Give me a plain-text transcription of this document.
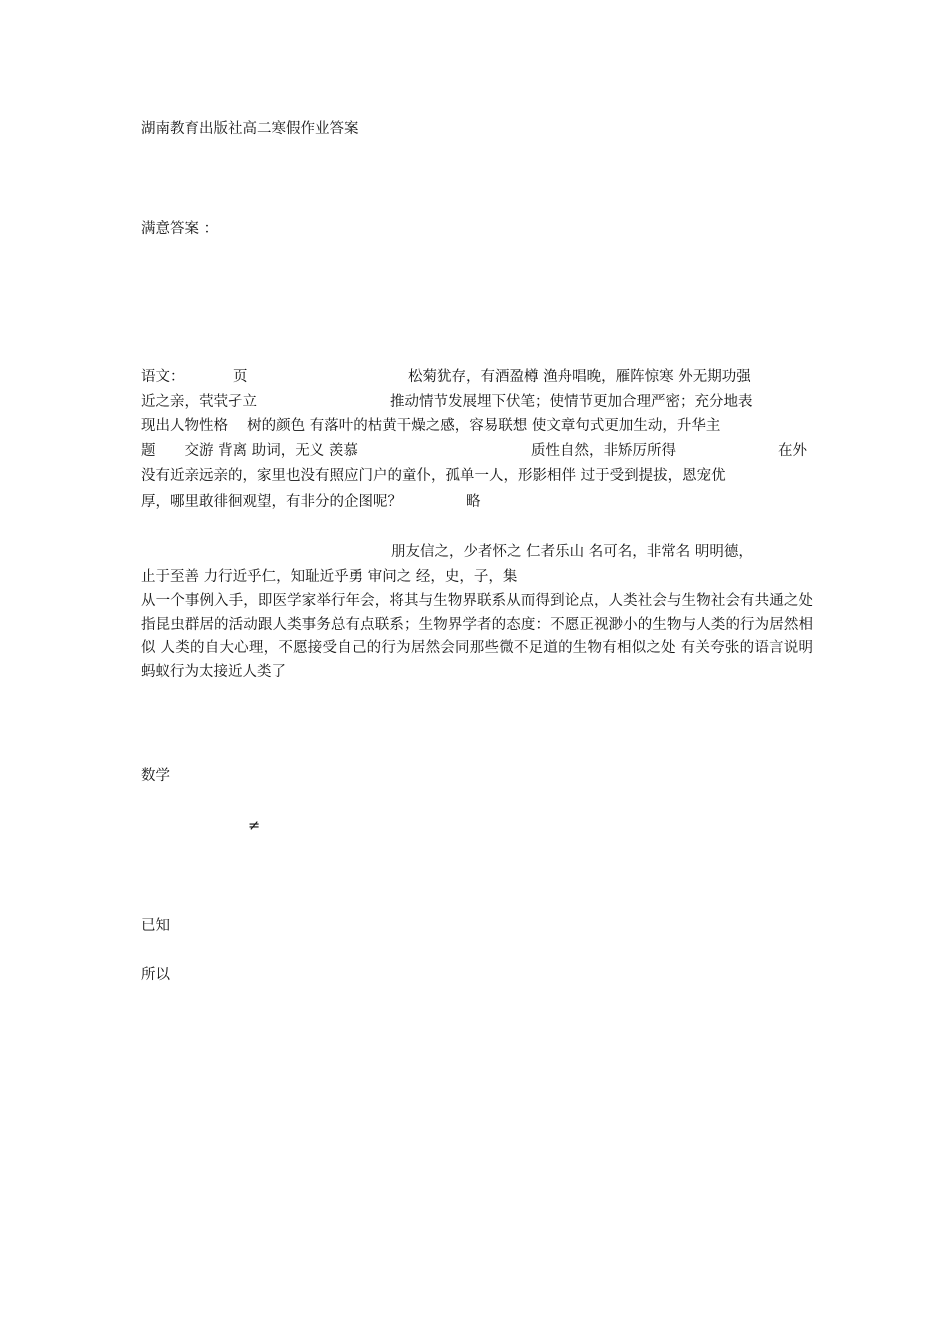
湖南教育出版社高二寒假作业答案
满意答案 ：
语文：	页	松菊犹存，有酒盈樽 渔舟唱晚，雁阵惊寒 外无期功强
近之亲，茕茕孑立	推动情节发展埋下伏笔；使情节更加合理严密；充分地表
现出人物性格　 树的颜色 有落叶的枯黄干燥之感，容易联想 使文章句式更加生动，升华主
题　　交游 背离 助词，无义 羡慕	质性自然，非矫厉所得	在外
没有近亲远亲的，家里也没有照应门户的童仆，孤单一人，形影相伴 过于受到提拔，恩宠优
厚，哪里敢徘徊观望，有非分的企图呢？	略
朋友信之，少者怀之 仁者乐山 名可名，非常名 明明德，
止于至善 力行近乎仁，知耻近乎勇 审问之 经，史，子，集
从一个事例入手，即医学家举行年会，将其与生物界联系从而得到论点，人类社会与生物社会有共通之处 指昆虫群居的活动跟人类事务总有点联系；生物界学者的态度：不愿正视渺小的生物与人类的行为居然相似 人类的自大心理，不愿接受自己的行为居然会同那些微不足道的生物有相似之处 有关夸张的语言说明蚂蚁行为太接近人类了
数学
≠
已知
所以
